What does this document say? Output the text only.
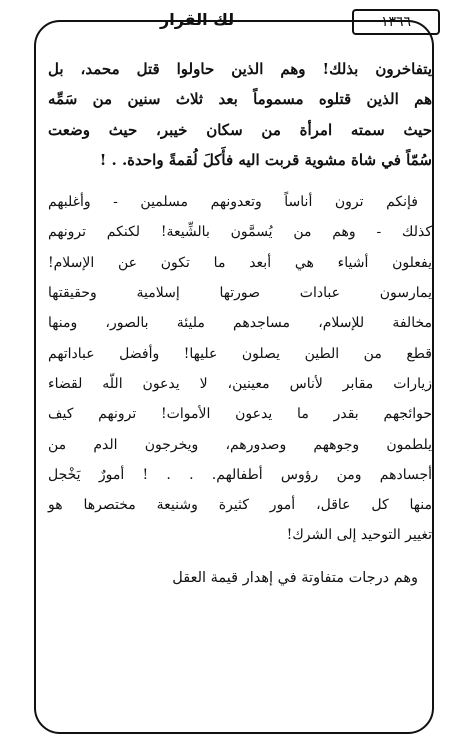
لك القرار	١٣٦٦
يتفاخرون بذلك! وهم الذين حاولوا قتل محمد، بل
هم الذين قتلوه مسموماً بعد ثلاث سنين من سَمِّه
حيث سمته امرأة من سكان خيبر، حيث وضعت
سُمّاً في شاة مشوية قربت اليه فأَكلَ لُقمةً واحدة. . !
فإنكم ترون أناساً وتعدونهم مسلمين - وأغلبهم
كذلك - وهم من يُسمَّون بالشِّيعة! لكنكم ترونهم
يفعلون أشياء هي أبعد ما تكون عن الإسلام!
يمارسون عبادات صورتها إسلامية وحقيقتها
مخالفة للإسلام، مساجدهم مليئة بالصور، ومنها
قطع من الطين يصلون عليها! وأفضل عباداتهم
زيارات مقابر لأناس معينين، لا يدعون اللّه لقضاء
حوائجهم بقدر ما يدعون الأموات! ترونهم كيف
يلطمون وجوههم وصدورهم، ويخرجون الدم من
أجسادهم ومن رؤوس أطفالهم. . . ! أمورٌ يَخْجل
منها كل عاقل، أمور كثيرة وشنيعة مختصرها هو
تغيير التوحيد إلى الشرك!
وهم درجات متفاوتة في إهدار قيمة العقل
